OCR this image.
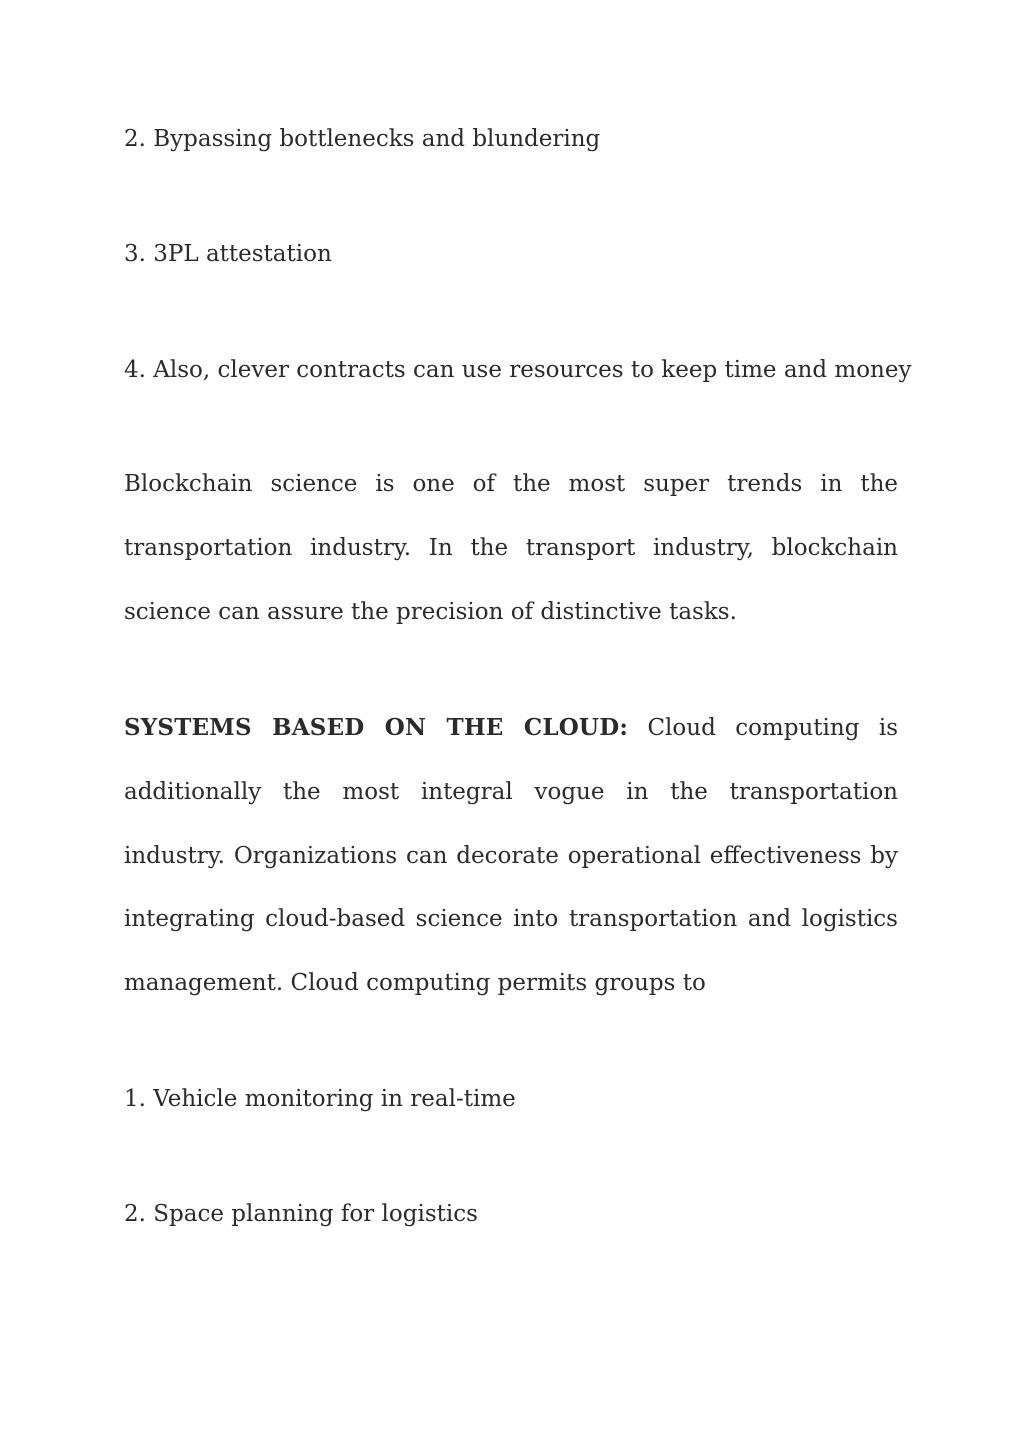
2. Bypassing bottlenecks and blundering

3. 3PL attestation

4. Also, clever contracts can use resources to keep time and money

Blockchain science is one of the most super trends in the transportation industry. In the transport industry, blockchain science can assure the precision of distinctive tasks.

SYSTEMS BASED ON THE CLOUD: Cloud computing is additionally the most integral vogue in the transportation industry. Organizations can decorate operational effectiveness by integrating cloud-based science into transportation and logistics management. Cloud computing permits groups to

1. Vehicle monitoring in real-time

2. Space planning for logistics
